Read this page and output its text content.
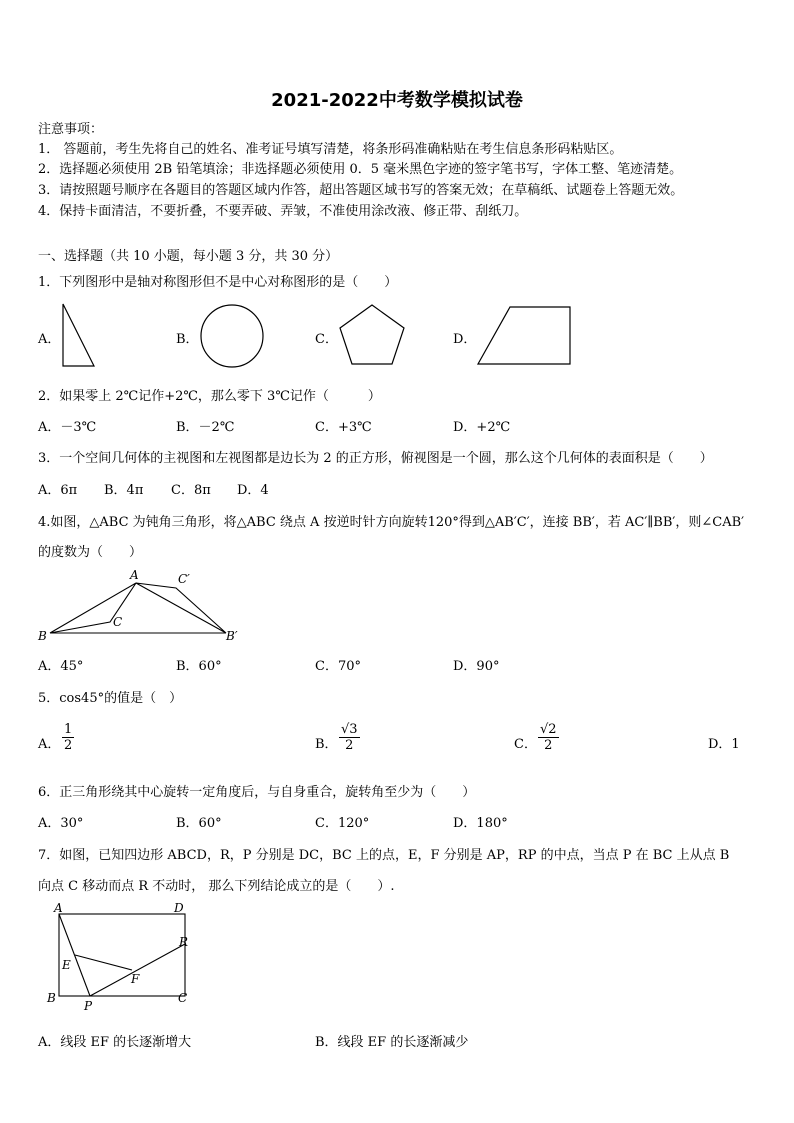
2021-2022中考数学模拟试卷
注意事项：
1． 答题前，考生先将自己的姓名、准考证号填写清楚，将条形码准确粘贴在考生信息条形码粘贴区。
2．选择题必须使用 2B 铅笔填涂；非选择题必须使用 0．5 毫米黑色字迹的签字笔书写，字体工整、笔迹清楚。
3．请按照题号顺序在各题目的答题区域内作答，超出答题区域书写的答案无效；在草稿纸、试题卷上答题无效。
4．保持卡面清洁，不要折叠，不要弄破、弄皱，不准使用涂改液、修正带、刮纸刀。
一、选择题（共 10 小题，每小题 3 分，共 30 分）
1．下列图形中是轴对称图形但不是中心对称图形的是（　　）
A．	B．	C．	D．
2．如果零上 2℃记作+2℃，那么零下 3℃记作（　　　）
A．－3℃	B．－2℃	C．+3℃	D．+2℃
3．一个空间几何体的主视图和左视图都是边长为 2 的正方形，俯视图是一个圆，那么这个几何体的表面积是（　　）
A．6π B．4π C．8π D．4
4.如图，△ABC 为钝角三角形，将△ABC 绕点 A 按逆时针方向旋转120°得到△AB′C′，连接 BB′，若 AC′∥BB′，则∠CAB′
的度数为（　　）
A	C′
C
B	B′
A．45°	B．60°	C．70°	D．90°
5．cos45°的值是（　）
A． $\frac{1}{2}$	B． $\frac{√3}{2}$	C． $\frac{√2}{2}$	D．1
6．正三角形绕其中心旋转一定角度后，与自身重合，旋转角至少为（　　）
A．30°	B．60°	C．120°	D．180°
7．如图，已知四边形 ABCD，R，P 分别是 DC，BC 上的点，E，F 分别是 AP，RP 的中点，当点 P 在 BC 上从点 B
向点 C 移动而点 R 不动时， 那么下列结论成立的是（　　）.
A	D
R
E
F
B
P
C
A．线段 EF 的长逐渐增大	B．线段 EF 的长逐渐减少
